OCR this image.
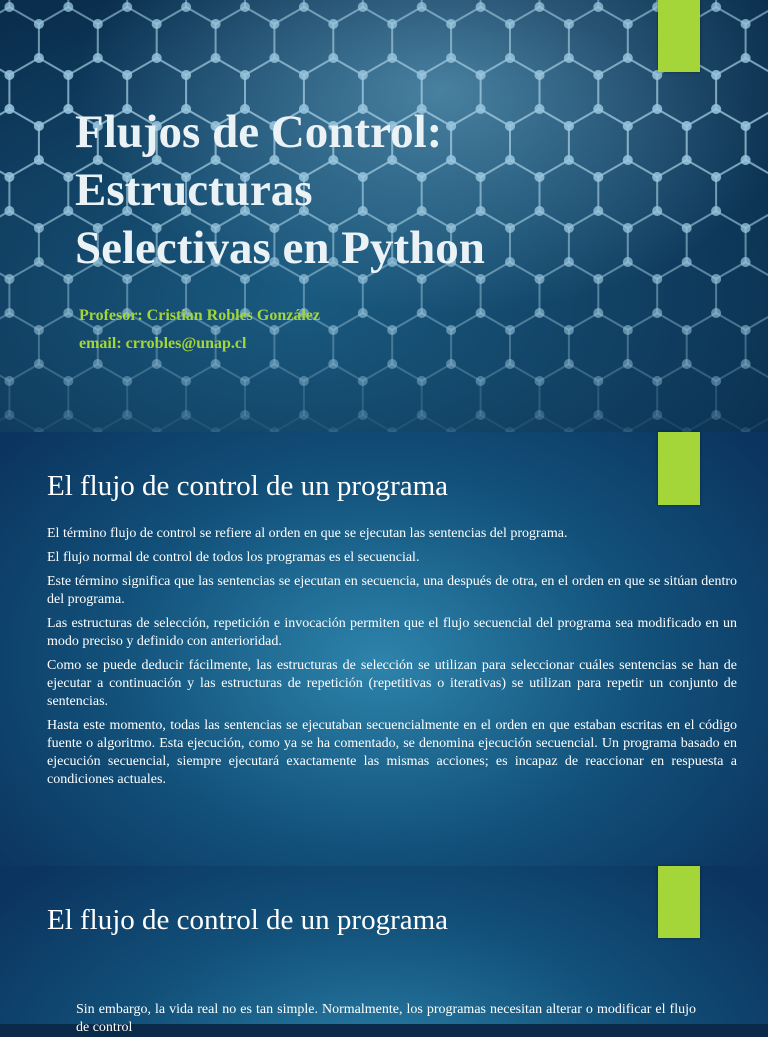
Flujos de Control:
Estructuras
Selectivas en Python

Profesor: Cristian Robles González

email: crrobles@unap.cl

El flujo de control de un programa

El término flujo de control se refiere al orden en que se ejecutan las sentencias del programa.

El flujo normal de control de todos los programas es el secuencial.

Este término significa que las sentencias se ejecutan en secuencia, una después de otra, en el orden en que se sitúan dentro del programa.

Las estructuras de selección, repetición e invocación permiten que el flujo secuencial del programa sea modificado en un modo preciso y definido con anterioridad.

Como se puede deducir fácilmente, las estructuras de selección se utilizan para seleccionar cuáles sentencias se han de ejecutar a continuación y las estructuras de repetición (repetitivas o iterativas) se utilizan para repetir un conjunto de sentencias.

Hasta este momento, todas las sentencias se ejecutaban secuencialmente en el orden en que estaban escritas en el código fuente o algoritmo. Esta ejecución, como ya se ha comentado, se denomina ejecución secuencial. Un programa basado en ejecución secuencial, siempre ejecutará exactamente las mismas acciones; es incapaz de reaccionar en respuesta a condiciones actuales.

El flujo de control de un programa

Sin embargo, la vida real no es tan simple. Normalmente, los programas necesitan alterar o modificar el flujo de control
